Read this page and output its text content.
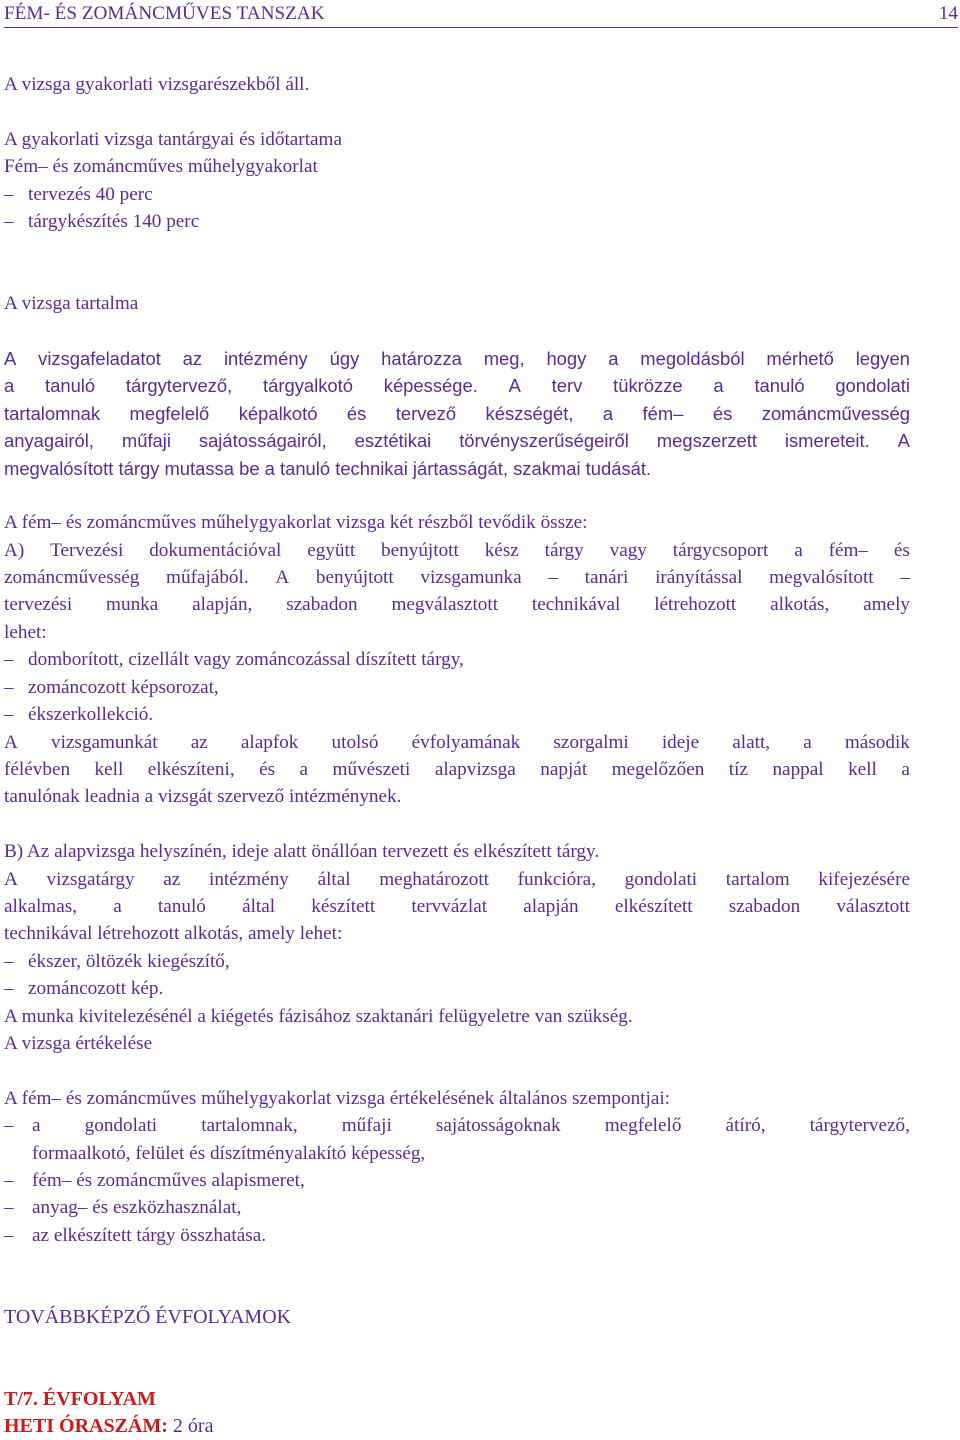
FÉM- ÉS ZOMÁNCMŰVES TANSZAK	14
A vizsga gyakorlati vizsgarészekből áll.
A gyakorlati vizsga tantárgyai és időtartama
Fém– és zománcműves műhelygyakorlat
– tervezés 40 perc
– tárgykészítés 140 perc
A vizsga tartalma
A vizsgafeladatot az intézmény úgy határozza meg, hogy a megoldásból mérhető legyen
a tanuló tárgytervező, tárgyalkotó képessége. A terv tükrözze a tanuló gondolati
tartalomnak megfelelő képalkotó és tervező készségét, a fém– és zománcművesség
anyagairól, műfaji sajátosságairól, esztétikai törvényszerűségeiről megszerzett ismereteit. A
megvalósított tárgy mutassa be a tanuló technikai jártasságát, szakmai tudását.
A fém– és zománcműves műhelygyakorlat vizsga két részből tevődik össze:
A) Tervezési dokumentációval együtt benyújtott kész tárgy vagy tárgycsoport a fém– és
zománcművesség műfajából. A benyújtott vizsgamunka – tanári irányítással megvalósított –
tervezési munka alapján, szabadon megválasztott technikával létrehozott alkotás, amely
lehet:
– domborított, cizellált vagy zománcozással díszített tárgy,
– zománcozott képsorozat,
– ékszerkollekció.
A vizsgamunkát az alapfok utolsó évfolyamának szorgalmi ideje alatt, a második
félévben kell elkészíteni, és a művészeti alapvizsga napját megelőzően tíz nappal kell a
tanulónak leadnia a vizsgát szervező intézménynek.
B) Az alapvizsga helyszínén, ideje alatt önállóan tervezett és elkészített tárgy.
A vizsgatárgy az intézmény által meghatározott funkcióra, gondolati tartalom kifejezésére
alkalmas, a tanuló által készített tervvázlat alapján elkészített szabadon választott
technikával létrehozott alkotás, amely lehet:
– ékszer, öltözék kiegészítő,
– zománcozott kép.
A munka kivitelezésénél a kiégetés fázisához szaktanári felügyeletre van szükség.
A vizsga értékelése
A fém– és zománcműves műhelygyakorlat vizsga értékelésének általános szempontjai:
– a gondolati tartalomnak, műfaji sajátosságoknak megfelelő átíró, tárgytervező,
formaalkotó, felület és díszítményalakító képesség,
– fém– és zománcműves alapismeret,
– anyag– és eszközhasználat,
– az elkészített tárgy összhatása.
TOVÁBBKÉPZŐ ÉVFOLYAMOK
T/7. ÉVFOLYAM
HETI ÓRASZÁM: 2 óra
